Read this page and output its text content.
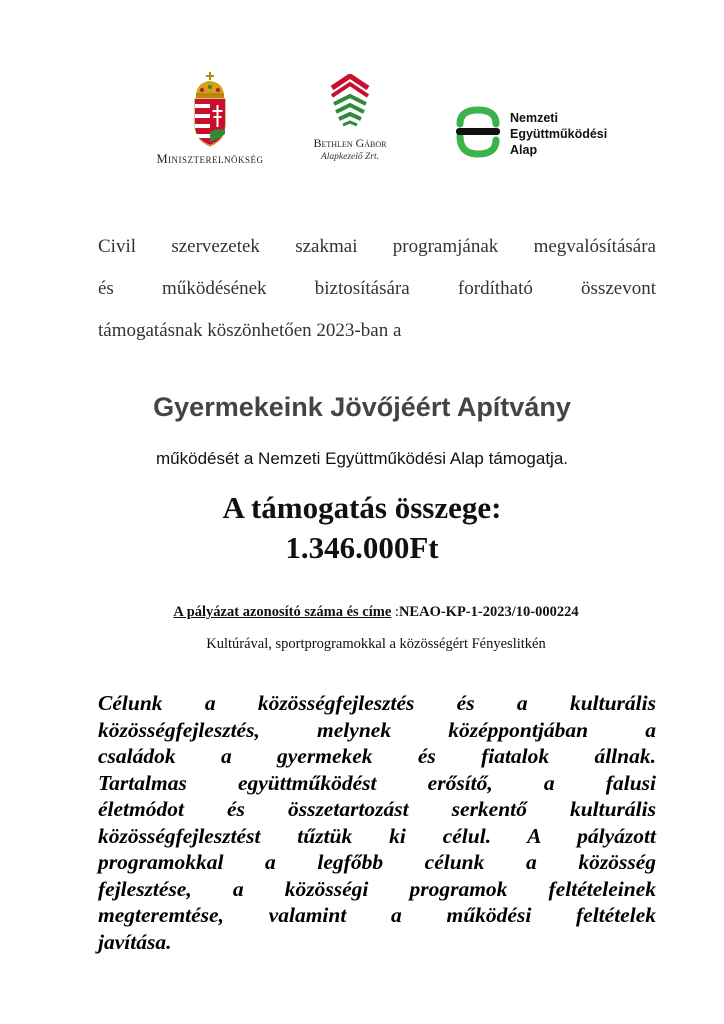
Miniszterelnökség
Bethlen Gábor
Alapkezelő Zrt.
Nemzeti
Együttműködési
Alap
Civil szervezetek szakmai programjának megvalósítására
és működésének biztosítására fordítható összevont
támogatásnak köszönhetően 2023-ban a
Gyermekeink Jövőjéért Apítvány
működését a Nemzeti Együttműködési Alap támogatja.
A támogatás összege:
1.346.000Ft
A pályázat azonosító száma és címe :NEAO-KP-1-2023/10-000224
Kultúrával, sportprogramokkal a közösségért Fényeslitkén
Célunk a közösségfejlesztés és a kulturális
közösségfejlesztés, melynek középpontjában a
családok a gyermekek és fiatalok állnak.
Tartalmas együttműködést erősítő, a falusi
életmódot és összetartozást serkentő kulturális
közösségfejlesztést tűztük ki célul. A pályázott
programokkal a legfőbb célunk a közösség
fejlesztése, a közösségi programok feltételeinek
megteremtése, valamint a működési feltételek
javítása.
